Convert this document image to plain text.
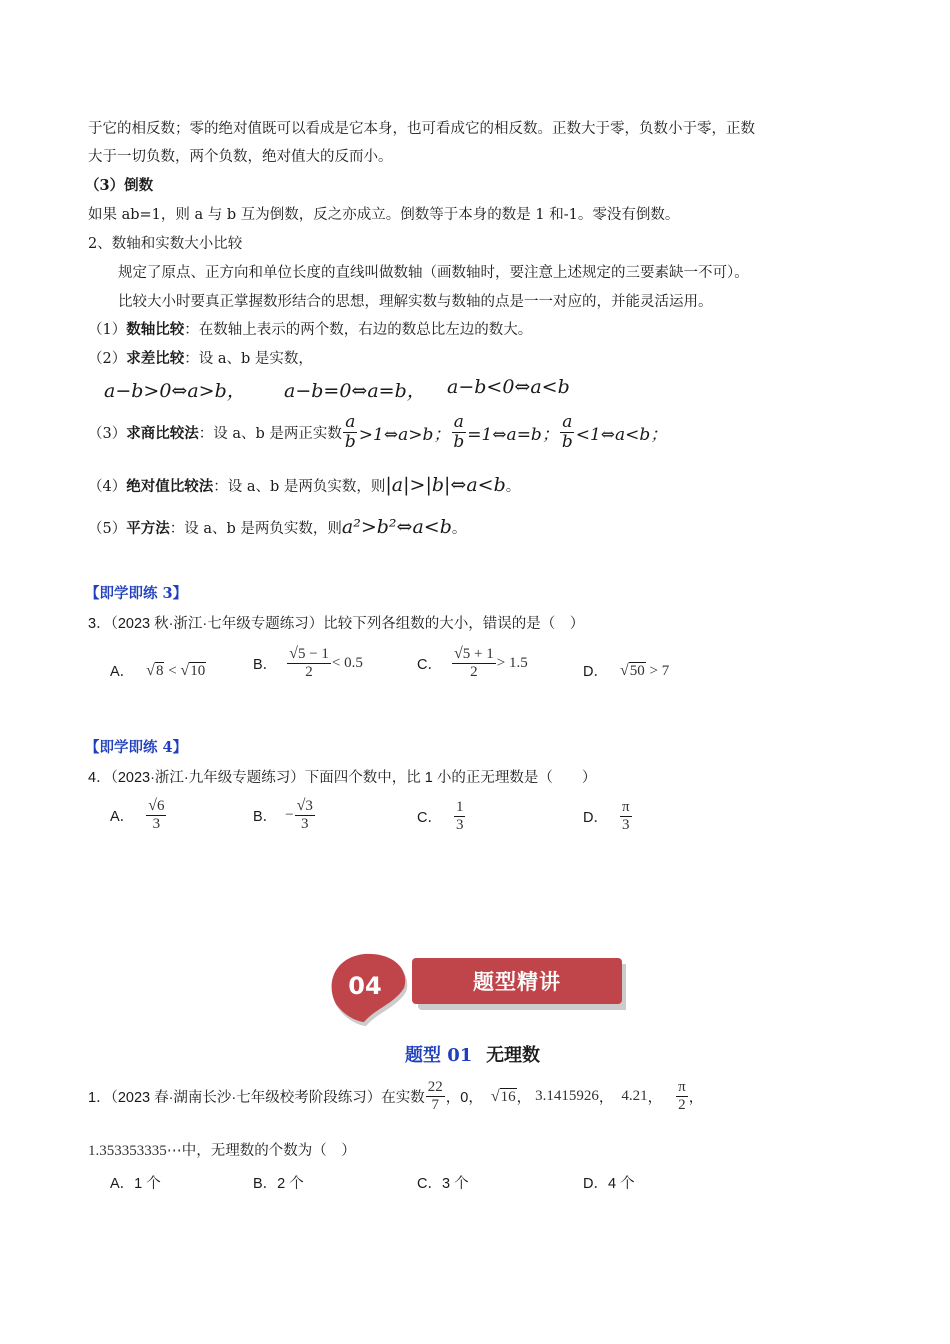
于它的相反数；零的绝对值既可以看成是它本身，也可看成它的相反数。正数大于零，负数小于零，正数
大于一切负数，两个负数，绝对值大的反而小。
（3）倒数
如果 ab=1，则 a 与 b 互为倒数，反之亦成立。倒数等于本身的数是 1 和-1。零没有倒数。
2、数轴和实数大小比较
规定了原点、正方向和单位长度的直线叫做数轴（画数轴时，要注意上述规定的三要素缺一不可）。
比较大小时要真正掌握数形结合的思想，理解实数与数轴的点是一一对应的，并能灵活运用。
（1）数轴比较：在数轴上表示的两个数，右边的数总比左边的数大。
（2）求差比较：设 a、b 是实数，
a−b>0⇔a>b， a−b=0⇔a=b， a−b<0⇔a<b
（3） 求商比较法 ：设 a、b 是两正实数 $\frac{a}{b}$ >1⇔a>b； $\frac{a}{b}$ =1⇔a=b； $\frac{a}{b}$ <1⇔a<b；
（4） 绝对值比较法 ：设 a、b 是两负实数，则 |a|>|b|⇔a<b 。
（5） 平方法 ：设 a、b 是两负实数，则 a²>b²⇔a<b 。
【即学即练 3】
3．（2023 秋·浙江·七年级专题练习）比较下列各组数的大小，错误的是（　）
A． √8 < √10	B． $\frac{√5 - 1}{2} < 0.5$	C． $\frac{√5 + 1}{2} > 1.5$
D． √50 > 7
【即学即练 4】
4．（2023·浙江·九年级专题练习）下面四个数中，比 1 小的正无理数是（　　）
A． $\frac{√6}{3}$	B． − $\frac{√3}{3}$	C． $\frac{1}{3}$	D． $\frac{\pi}{3}$
04	题型精讲
题型 01 无理数
1．（2023 春·湖南长沙·七年级校考阶段练习）在实数 $\frac{22}{7}$ ，0， √16 ， 3.1415926 ， 4.21 ， $\frac{\pi}{2}$ ，
1.353353335⋯中，无理数的个数为（　）
A．1 个	B．2 个	C．3 个	D．4 个
